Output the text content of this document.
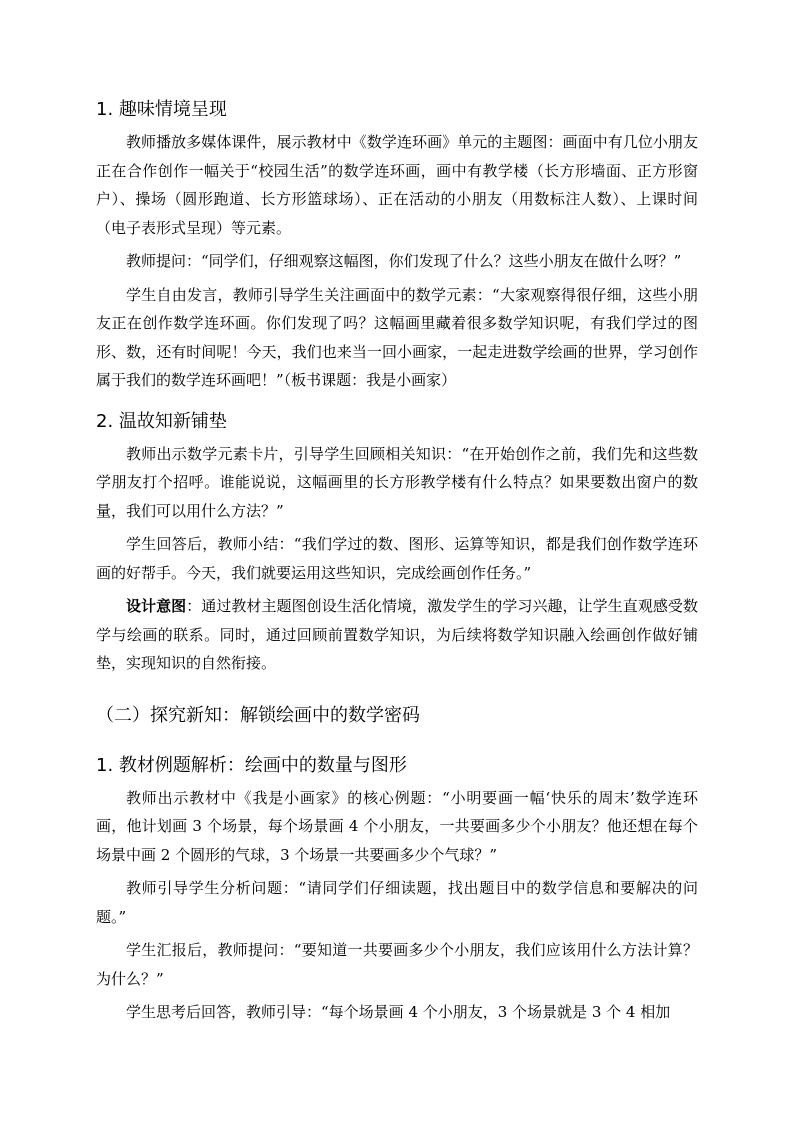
1. 趣味情境呈现

教师播放多媒体课件，展示教材中《数学连环画》单元的主题图：画面中有几位小朋友正在合作创作一幅关于“校园生活”的数学连环画，画中有教学楼（长方形墙面、正方形窗户）、操场（圆形跑道、长方形篮球场）、正在活动的小朋友（用数标注人数）、上课时间（电子表形式呈现）等元素。

教师提问：“同学们，仔细观察这幅图，你们发现了什么？这些小朋友在做什么呀？”

学生自由发言，教师引导学生关注画面中的数学元素：“大家观察得很仔细，这些小朋友正在创作数学连环画。你们发现了吗？这幅画里藏着很多数学知识呢，有我们学过的图形、数，还有时间呢！今天，我们也来当一回小画家，一起走进数学绘画的世界，学习创作属于我们的数学连环画吧！”（板书课题：我是小画家）

2. 温故知新铺垫

教师出示数学元素卡片，引导学生回顾相关知识：“在开始创作之前，我们先和这些数学朋友打个招呼。谁能说说，这幅画里的长方形教学楼有什么特点？如果要数出窗户的数量，我们可以用什么方法？”

学生回答后，教师小结：“我们学过的数、图形、运算等知识，都是我们创作数学连环画的好帮手。今天，我们就要运用这些知识，完成绘画创作任务。”

设计意图：通过教材主题图创设生活化情境，激发学生的学习兴趣，让学生直观感受数学与绘画的联系。同时，通过回顾前置数学知识，为后续将数学知识融入绘画创作做好铺垫，实现知识的自然衔接。

（二）探究新知：解锁绘画中的数学密码
1. 教材例题解析：绘画中的数量与图形

教师出示教材中《我是小画家》的核心例题：“小明要画一幅‘快乐的周末’数学连环画，他计划画 3 个场景，每个场景画 4 个小朋友，一共要画多少个小朋友？他还想在每个场景中画 2 个圆形的气球，3 个场景一共要画多少个气球？”

教师引导学生分析问题：“请同学们仔细读题，找出题目中的数学信息和要解决的问题。”

学生汇报后，教师提问：“要知道一共要画多少个小朋友，我们应该用什么方法计算？为什么？”

学生思考后回答，教师引导：“每个场景画 4 个小朋友，3 个场景就是 3 个 4 相加
